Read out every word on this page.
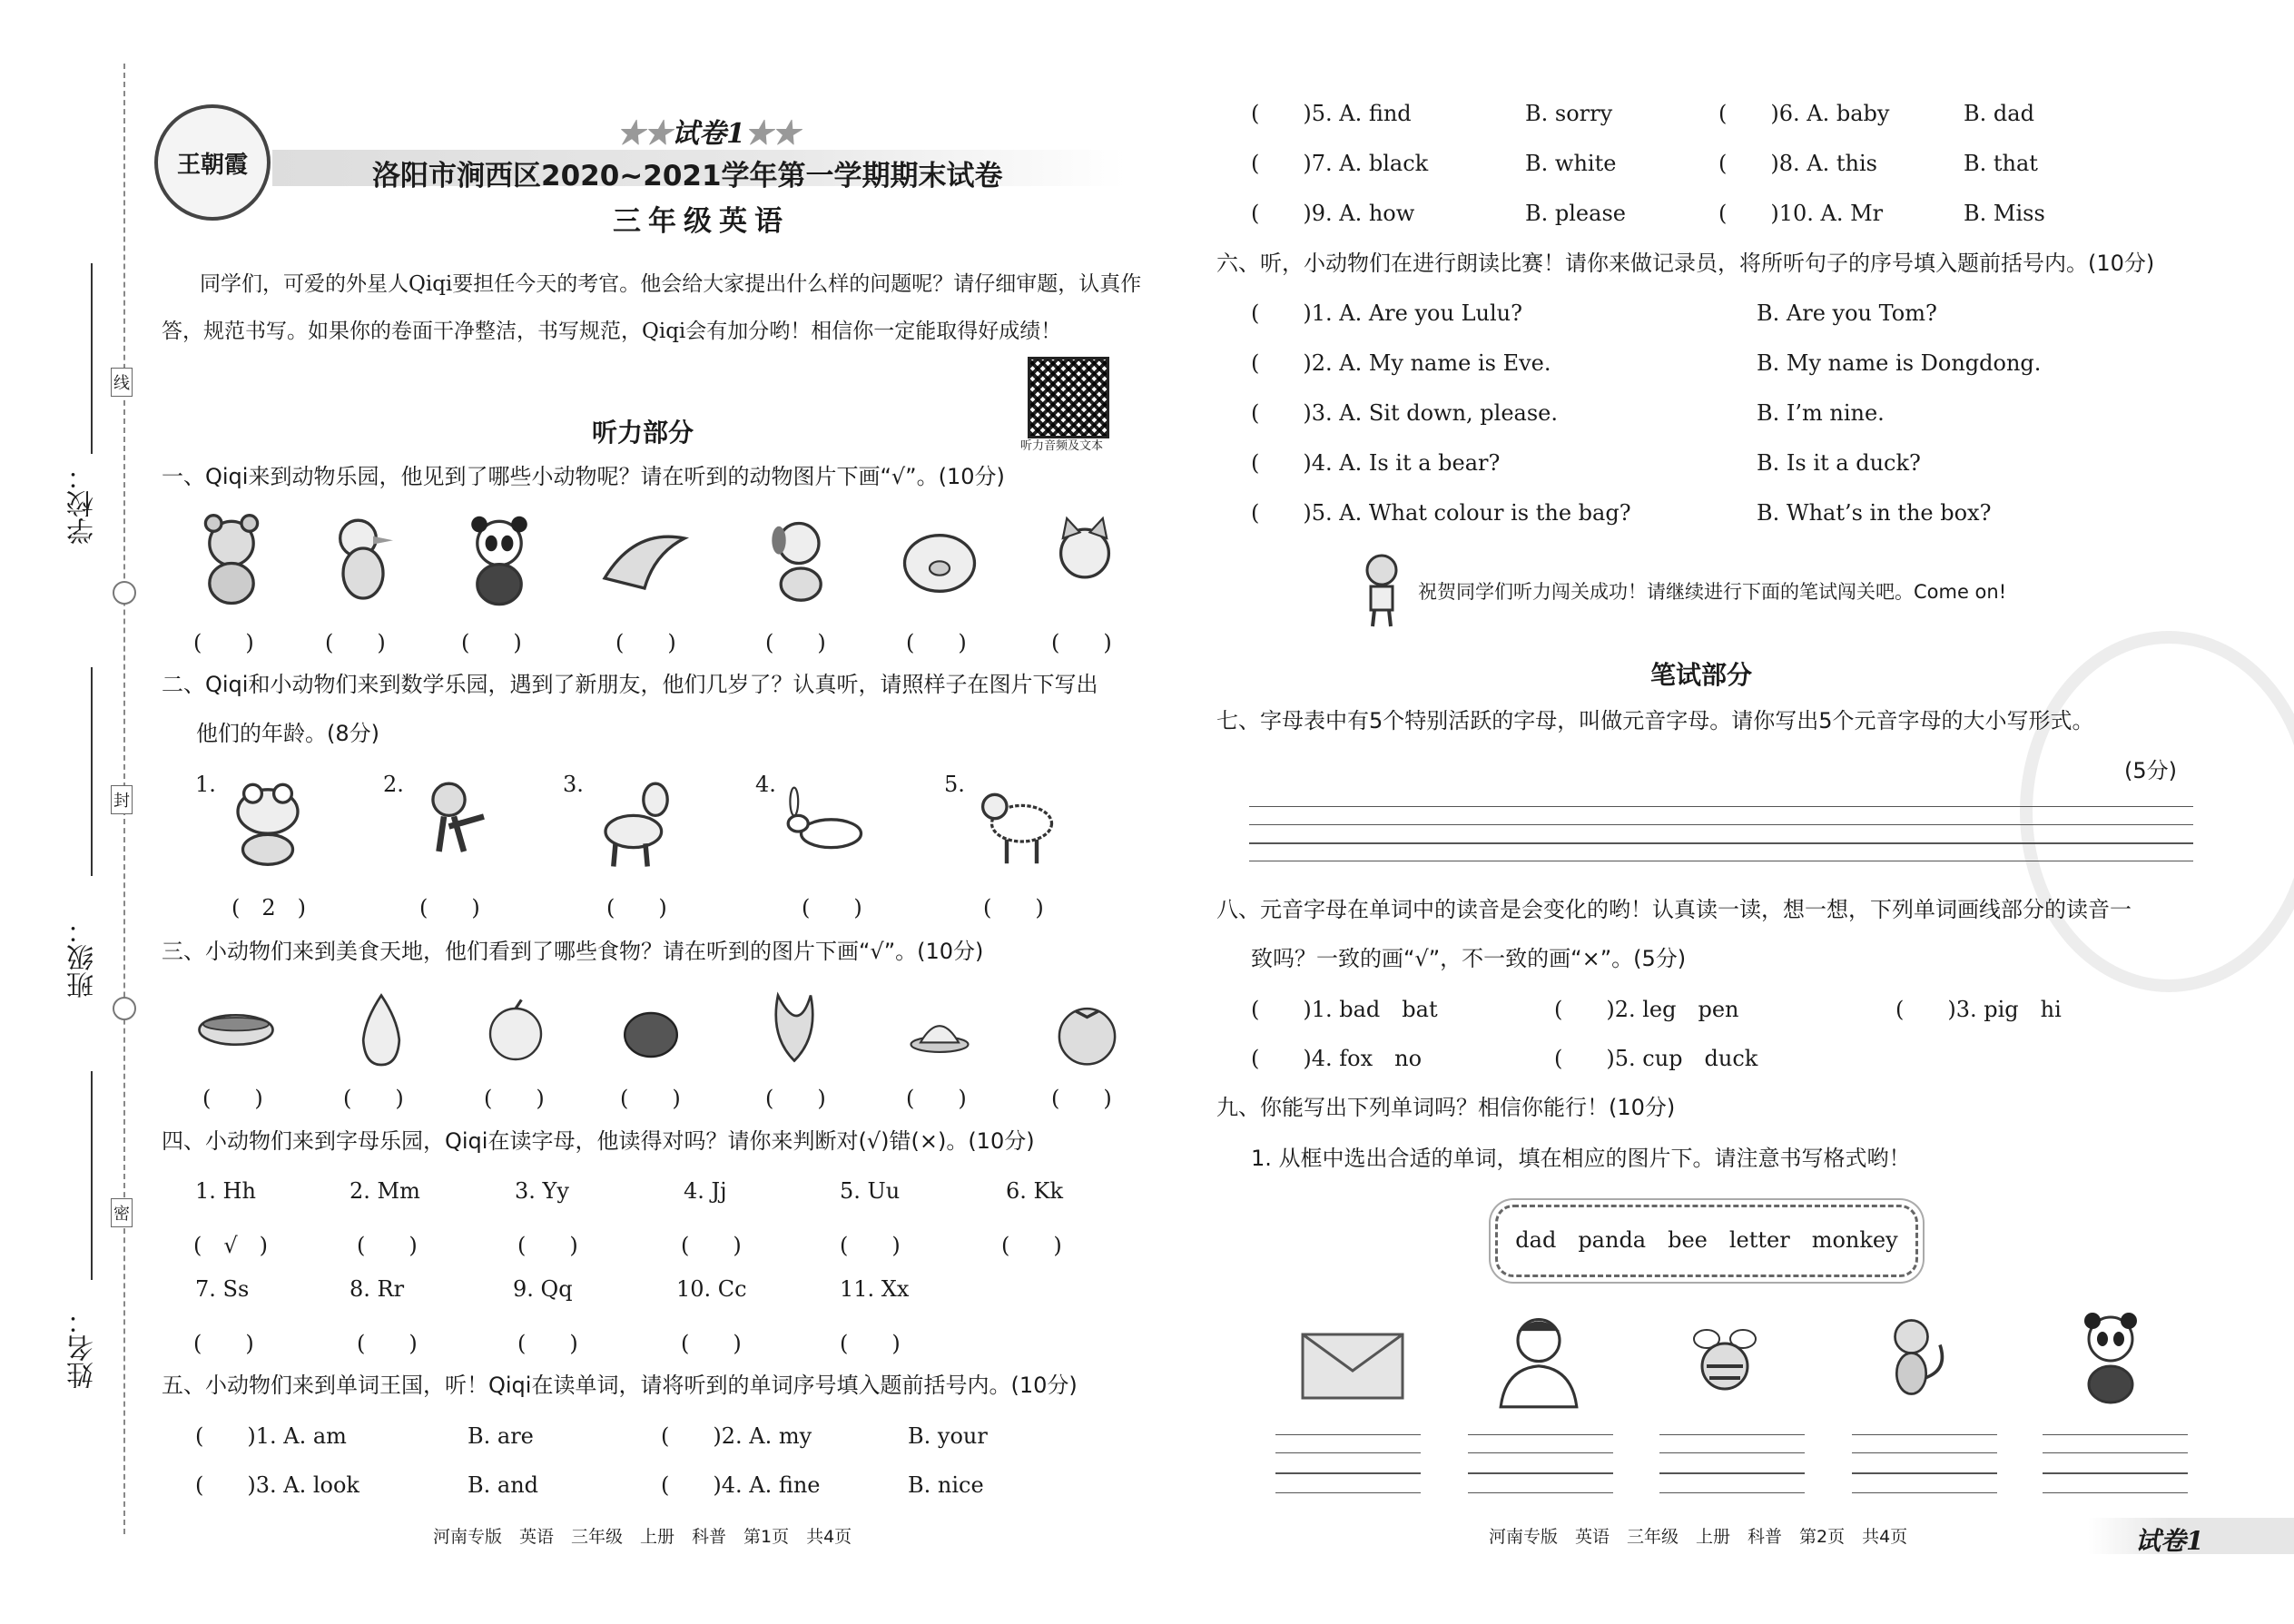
学校：
班级：
姓名：
线
封
密
王朝霞
★★试卷1★★
洛阳市涧西区2020~2021学年第一学期期末试卷
三年级英语
同学们，可爱的外星人Qiqi要担任今天的考官。他会给大家提出什么样的问题呢？请仔细审题，认真作
答，规范书写。如果你的卷面干净整洁，书写规范，Qiqi会有加分哟！相信你一定能取得好成绩！
听力音频及文本
听力部分
一、Qiqi来到动物乐园，他见到了哪些小动物呢？请在听到的动物图片下画“√”。(10分)
(　　)	(　　)	(　　)	(　　)	(　　)	(　　)	(　　)
二、Qiqi和小动物们来到数学乐园，遇到了新朋友，他们几岁了？认真听，请照样子在图片下写出
他们的年龄。(8分)
1.	2.	3.	4.	5.
(　2　)	(　　)	(　　)	(　　)	(　　)
三、小动物们来到美食天地，他们看到了哪些食物？请在听到的图片下画“√”。(10分)
(　　)	(　　)	(　　)	(　　)	(　　)	(　　)	(　　)
四、小动物们来到字母乐园，Qiqi在读字母，他读得对吗？请你来判断对(√)错(×)。(10分)
1. Hh	2. Mm	3. Yy	4. Jj	5. Uu	6. Kk
(　√　)	(　　)	(　　)	(　　)	(　　)	(　　)
7. Ss	8. Rr	9. Qq	10. Cc	11. Xx
(　　)	(　　)	(　　)	(　　)	(　　)
五、小动物们来到单词王国，听！Qiqi在读单词，请将听到的单词序号填入题前括号内。(10分)
(　　)1. A. am	B. are	(　　)2. A. my	B. your
(　　)3. A. look	B. and	(　　)4. A. fine	B. nice
河南专版　英语　三年级　上册　科普　第1页　共4页
(　　)5. A. find	B. sorry	(　　)6. A. baby	B. dad
(　　)7. A. black	B. white	(　　)8. A. this	B. that
(　　)9. A. how	B. please	(　　)10. A. Mr	B. Miss
六、听，小动物们在进行朗读比赛！请你来做记录员，将所听句子的序号填入题前括号内。(10分)
(　　)1. A. Are you Lulu?	B. Are you Tom?
(　　)2. A. My name is Eve.	B. My name is Dongdong.
(　　)3. A. Sit down, please.	B. I’m nine.
(　　)4. A. Is it a bear?	B. Is it a duck?
(　　)5. A. What colour is the bag?	B. What’s in the box?
祝贺同学们听力闯关成功！请继续进行下面的笔试闯关吧。Come on!
笔试部分
七、字母表中有5个特别活跃的字母，叫做元音字母。请你写出5个元音字母的大小写形式。
(5分)
八、元音字母在单词中的读音是会变化的哟！认真读一读，想一想，下列单词画线部分的读音一
致吗？一致的画“√”，不一致的画“×”。(5分)
(　　)1. bad　bat	(　　)2. leg　pen	(　　)3. pig　hi
(　　)4. fox　no	(　　)5. cup　duck
九、你能写出下列单词吗？相信你能行！(10分)
1. 从框中选出合适的单词，填在相应的图片下。请注意书写格式哟！
dad　panda　bee　letter　monkey
河南专版　英语　三年级　上册　科普　第2页　共4页	试卷1
